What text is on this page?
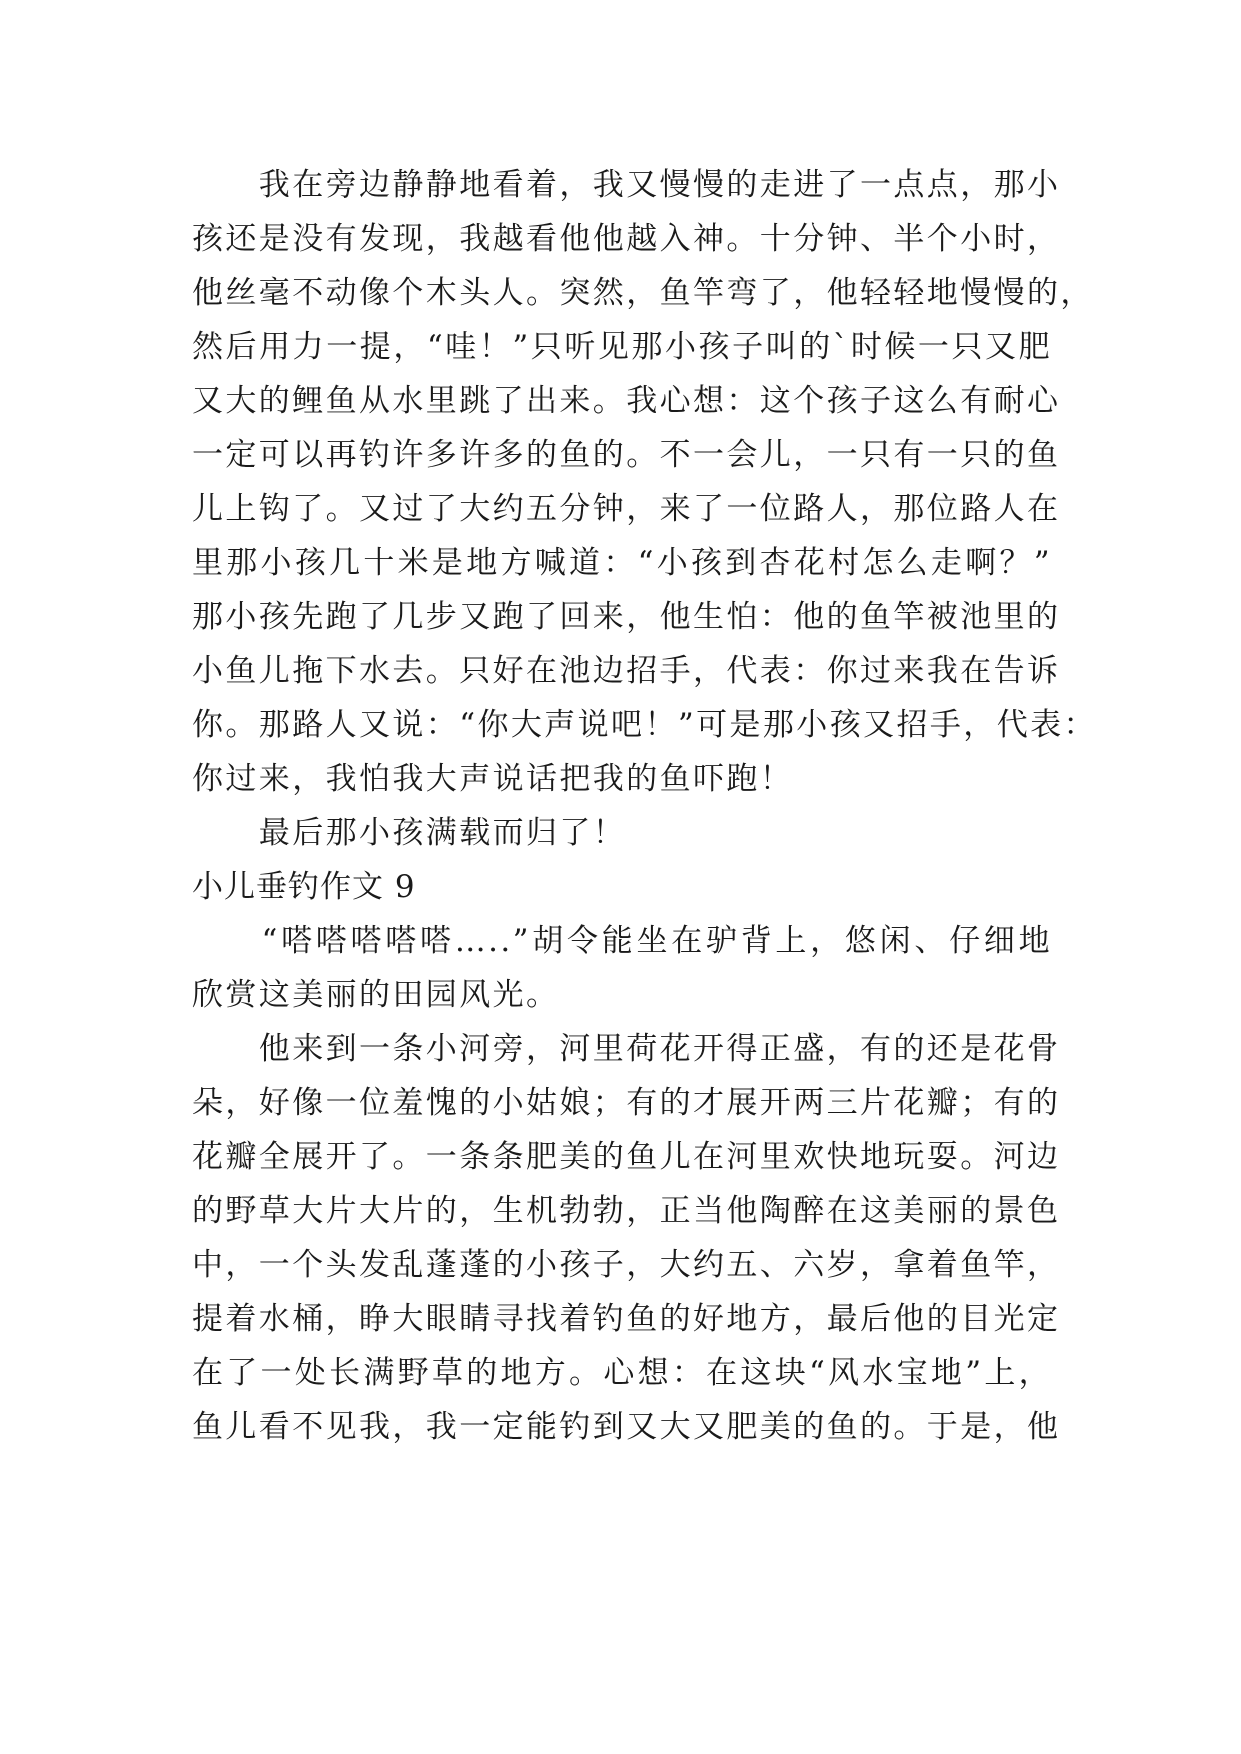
　　我在旁边静静地看着，我又慢慢的走进了一点点，那小
孩还是没有发现，我越看他他越入神。十分钟、半个小时，
他丝毫不动像个木头人。突然，鱼竿弯了，他轻轻地慢慢的，
然后用力一提，“哇！”只听见那小孩子叫的`时候一只又肥
又大的鲤鱼从水里跳了出来。我心想：这个孩子这么有耐心
一定可以再钓许多许多的鱼的。不一会儿，一只有一只的鱼
儿上钩了。又过了大约五分钟，来了一位路人，那位路人在
里那小孩几十米是地方喊道：“小孩到杏花村怎么走啊？”
那小孩先跑了几步又跑了回来，他生怕：他的鱼竿被池里的
小鱼儿拖下水去。只好在池边招手，代表：你过来我在告诉
你。那路人又说：“你大声说吧！”可是那小孩又招手，代表：
你过来，我怕我大声说话把我的鱼吓跑！
　　最后那小孩满载而归了！
小儿垂钓作文 9
　　“嗒嗒嗒嗒嗒…..”胡令能坐在驴背上，悠闲、仔细地
欣赏这美丽的田园风光。
　　他来到一条小河旁，河里荷花开得正盛，有的还是花骨
朵，好像一位羞愧的小姑娘；有的才展开两三片花瓣；有的
花瓣全展开了。一条条肥美的鱼儿在河里欢快地玩耍。河边
的野草大片大片的，生机勃勃，正当他陶醉在这美丽的景色
中，一个头发乱蓬蓬的小孩子，大约五、六岁，拿着鱼竿，
提着水桶，睁大眼睛寻找着钓鱼的好地方，最后他的目光定
在了一处长满野草的地方。心想：在这块“风水宝地”上，
鱼儿看不见我，我一定能钓到又大又肥美的鱼的。于是，他
